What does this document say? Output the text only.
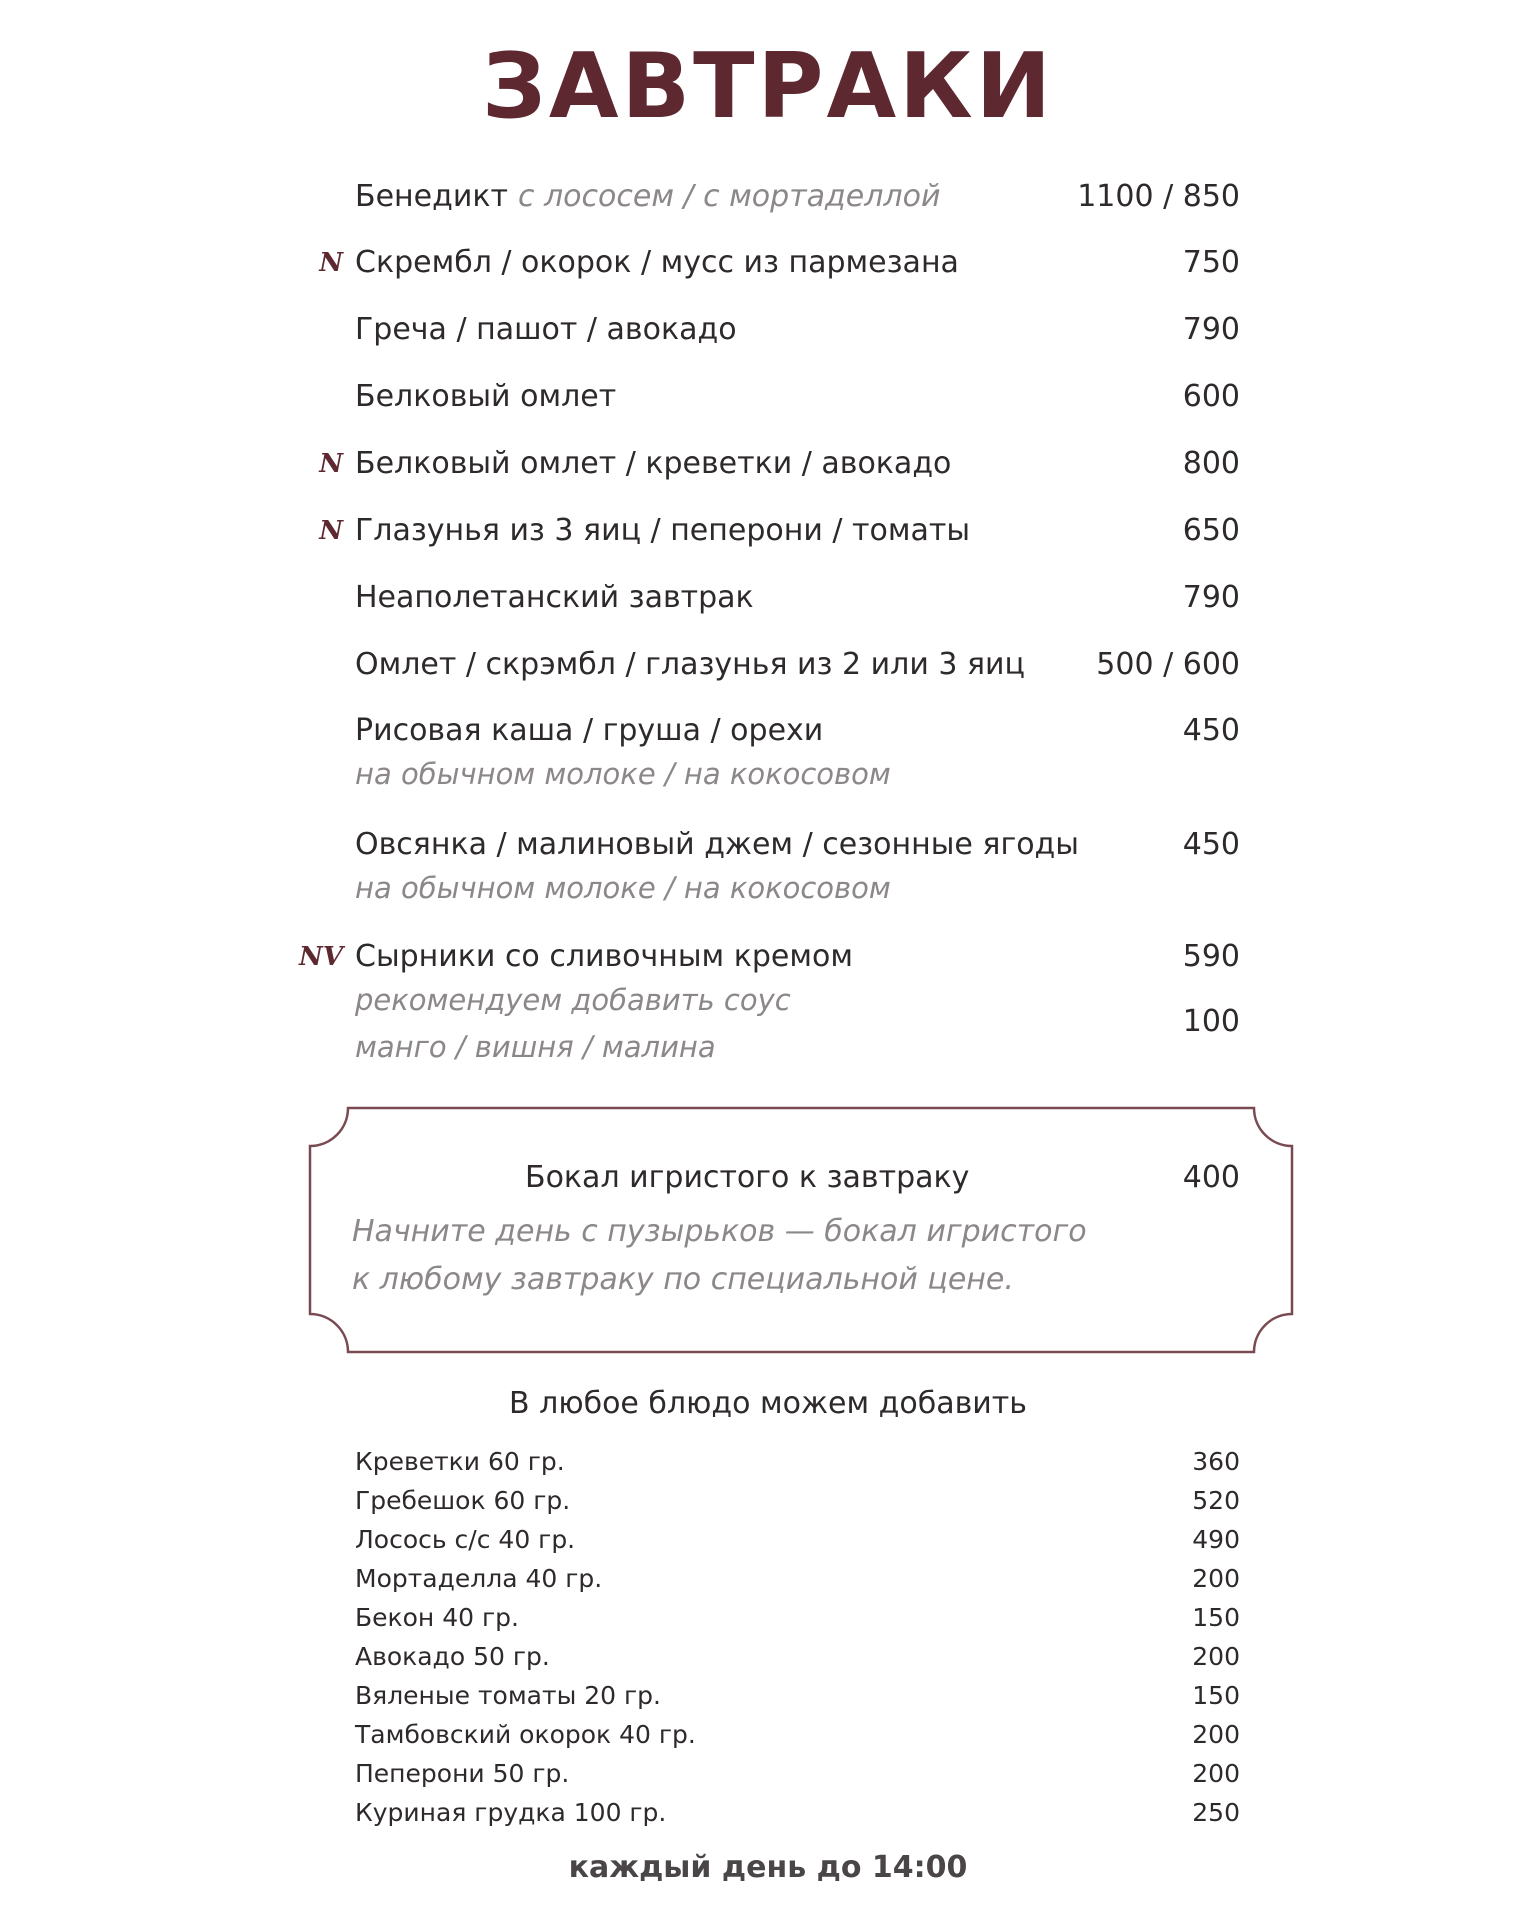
ЗАВТРАКИ
Бенедикт с лососем / с мортаделлой	1100 / 850
N Скрембл / окорок / мусс из пармезана	750
Греча / пашот / авокадо	790
Белковый омлет	600
N Белковый омлет / креветки / авокадо	800
N Глазунья из 3 яиц / пеперони / томаты	650
Неаполетанский завтрак	790
Омлет / скрэмбл / глазунья из 2 или 3 яиц 500 / 600
Рисовая каша / груша / орехи	450
на обычном молоке / на кокосовом
Овсянка / малиновый джем / сезонные ягоды	450
на обычном молоке / на кокосовом
NV Сырники со сливочным кремом	590
рекомендуем добавить соус
манго / вишня / малина
100
Бокал игристого к завтраку	400
Начните день с пузырьков — бокал игристого
к любому завтраку по специальной цене.
В любое блюдо можем добавить
Креветки 60 гр.	360
Гребешок 60 гр.	520
Лосось с/с 40 гр.	490
Мортаделла 40 гр.	200
Бекон 40 гр.	150
Авокадо 50 гр.	200
Вяленые томаты 20 гр.	150
Тамбовский окорок 40 гр.	200
Пеперони 50 гр.	200
Куриная грудка 100 гр.	250
каждый день до 14:00
